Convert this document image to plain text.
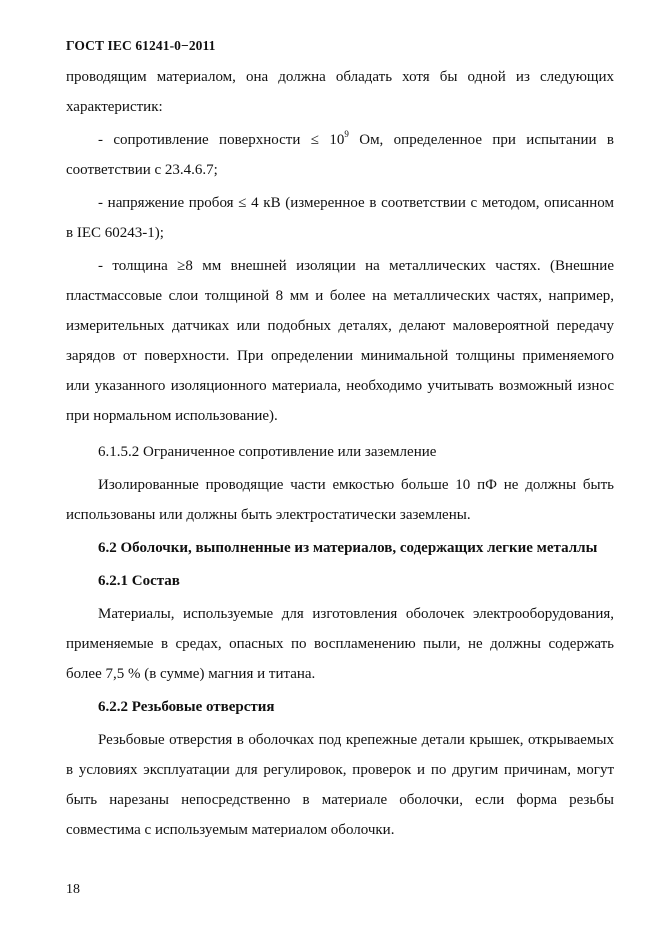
ГОСТ IEC 61241-0−2011

проводящим материалом, она должна обладать хотя бы одной из следующих характеристик:

- сопротивление поверхности ≤ $10^9$ Ом, определенное при испытании в соответствии с 23.4.6.7;

- напряжение пробоя ≤ 4 кВ (измеренное в соответствии с методом, описанном в IEC 60243-1);

- толщина ≥8 мм внешней изоляции на металлических частях. (Внешние пластмассовые слои толщиной 8 мм и более на металлических частях, например, измерительных датчиках или подобных деталях, делают маловероятной передачу зарядов от поверхности. При определении минимальной толщины применяемого или указанного изоляционного материала, необходимо учитывать возможный износ при нормальном использование).

6.1.5.2 Ограниченное сопротивление или заземление

Изолированные проводящие части емкостью больше 10 пФ не должны быть использованы или должны быть электростатически заземлены.

6.2 Оболочки, выполненные из материалов, содержащих легкие металлы

6.2.1 Состав

Материалы, используемые для изготовления оболочек электрооборудования, применяемые в средах, опасных по воспламенению пыли, не должны содержать более 7,5 % (в сумме) магния и титана.

6.2.2 Резьбовые отверстия

Резьбовые отверстия в оболочках под крепежные детали крышек, открываемых в условиях эксплуатации для регулировок, проверок и по другим причинам, могут быть нарезаны непосредственно в материале оболочки, если форма резьбы совместима с используемым материалом оболочки.

18
